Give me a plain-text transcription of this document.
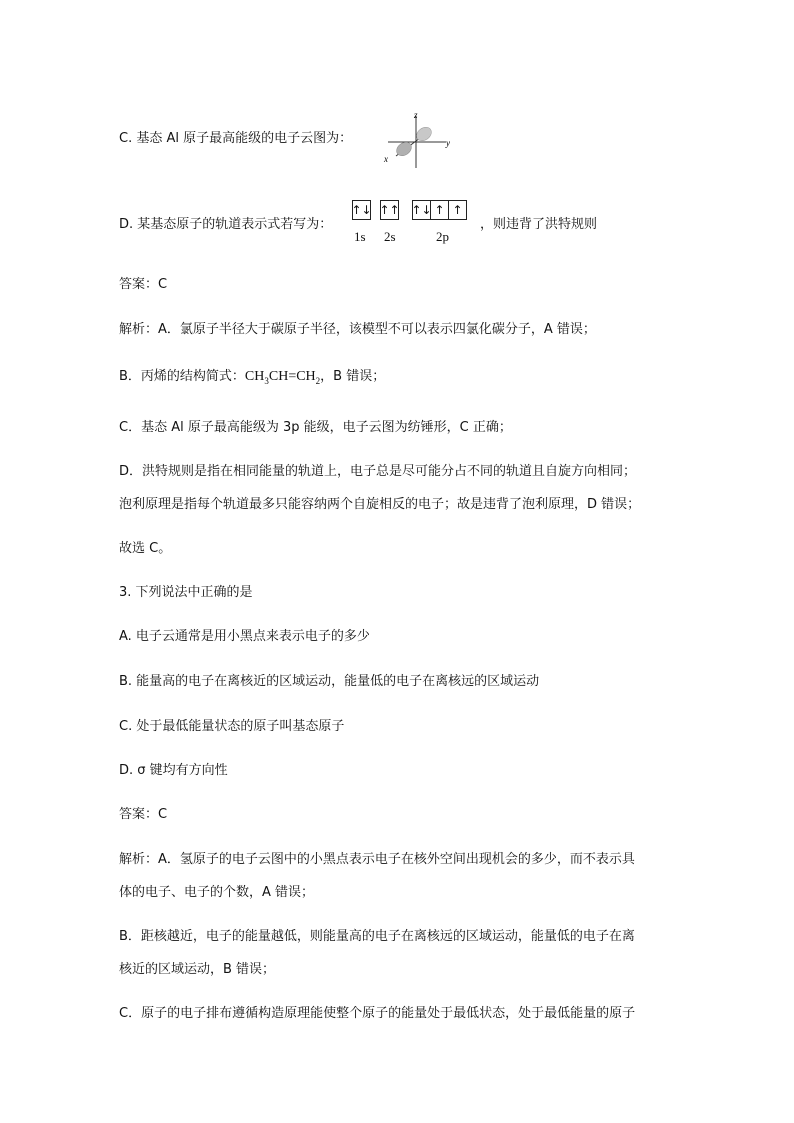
C. 基态 Al 原子最高能级的电子云图为：
z
y
x
D. 某基态原子的轨道表示式若写为：
↑↓ ↑↑ ↑↓ ↑ ↑
1s 2s	2p
，则违背了洪特规则
答案：C
解析：A．氯原子半径大于碳原子半径，该模型不可以表示四氯化碳分子，A 错误；
B．丙烯的结构简式：$CH_3CH=CH_2$，B 错误；
C．基态 Al 原子最高能级为 3p 能级，电子云图为纺锤形，C 正确；
D．洪特规则是指在相同能量的轨道上，电子总是尽可能分占不同的轨道且自旋方向相同；
泡利原理是指每个轨道最多只能容纳两个自旋相反的电子；故是违背了泡利原理，D 错误；
故选 C。
3. 下列说法中正确的是
A. 电子云通常是用小黑点来表示电子的多少
B. 能量高的电子在离核近的区域运动，能量低的电子在离核远的区域运动
C. 处于最低能量状态的原子叫基态原子
D. σ 键均有方向性
答案：C
解析：A．氢原子的电子云图中的小黑点表示电子在核外空间出现机会的多少，而不表示具
体的电子、电子的个数，A 错误；
B．距核越近，电子的能量越低，则能量高的电子在离核远的区域运动，能量低的电子在离
核近的区域运动，B 错误；
C．原子的电子排布遵循构造原理能使整个原子的能量处于最低状态，处于最低能量的原子
